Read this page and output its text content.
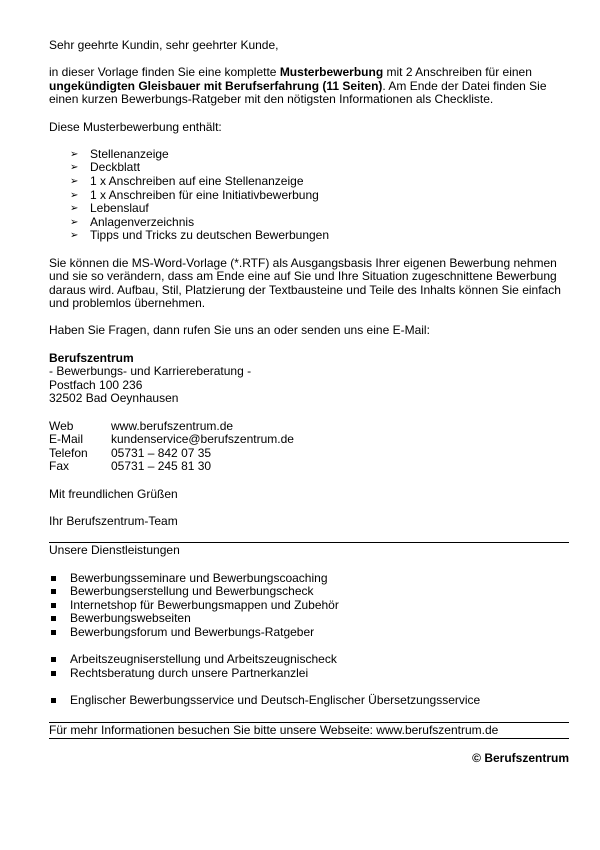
Sehr geehrte Kundin, sehr geehrter Kunde,

in dieser Vorlage finden Sie eine komplette Musterbewerbung mit 2 Anschreiben für einen ungekündigten Gleisbauer mit Berufserfahrung (11 Seiten). Am Ende der Datei finden Sie einen kurzen Bewerbungs-Ratgeber mit den nötigsten Informationen als Checkliste.

Diese Musterbewerbung enthält:

➢ Stellenanzeige
➢ Deckblatt
➢ 1 x Anschreiben auf eine Stellenanzeige
➢ 1 x Anschreiben für eine Initiativbewerbung
➢ Lebenslauf
➢ Anlagenverzeichnis
➢ Tipps und Tricks zu deutschen Bewerbungen

Sie können die MS-Word-Vorlage (*.RTF) als Ausgangsbasis Ihrer eigenen Bewerbung nehmen und sie so verändern, dass am Ende eine auf Sie und Ihre Situation zugeschnittene Bewerbung daraus wird. Aufbau, Stil, Platzierung der Textbausteine und Teile des Inhalts können Sie einfach und problemlos übernehmen.

Haben Sie Fragen, dann rufen Sie uns an oder senden uns eine E-Mail:

Berufszentrum

- Bewerbungs- und Karriereberatung -

Postfach 100 236

32502 Bad Oeynhausen

Web	www.berufszentrum.de
E-Mail	kundenservice@berufszentrum.de
Telefon	05731 – 842 07 35
Fax	05731 – 245 81 30

Mit freundlichen Grüßen

Ihr Berufszentrum-Team

Unsere Dienstleistungen

Bewerbungsseminare und Bewerbungscoaching
Bewerbungserstellung und Bewerbungscheck
Internetshop für Bewerbungsmappen und Zubehör
Bewerbungswebseiten
Bewerbungsforum und Bewerbungs-Ratgeber
Arbeitszeugniserstellung und Arbeitszeugnischeck
Rechtsberatung durch unsere Partnerkanzlei
Englischer Bewerbungsservice und Deutsch-Englischer Übersetzungsservice

Für mehr Informationen besuchen Sie bitte unsere Webseite: www.berufszentrum.de

© Berufszentrum
